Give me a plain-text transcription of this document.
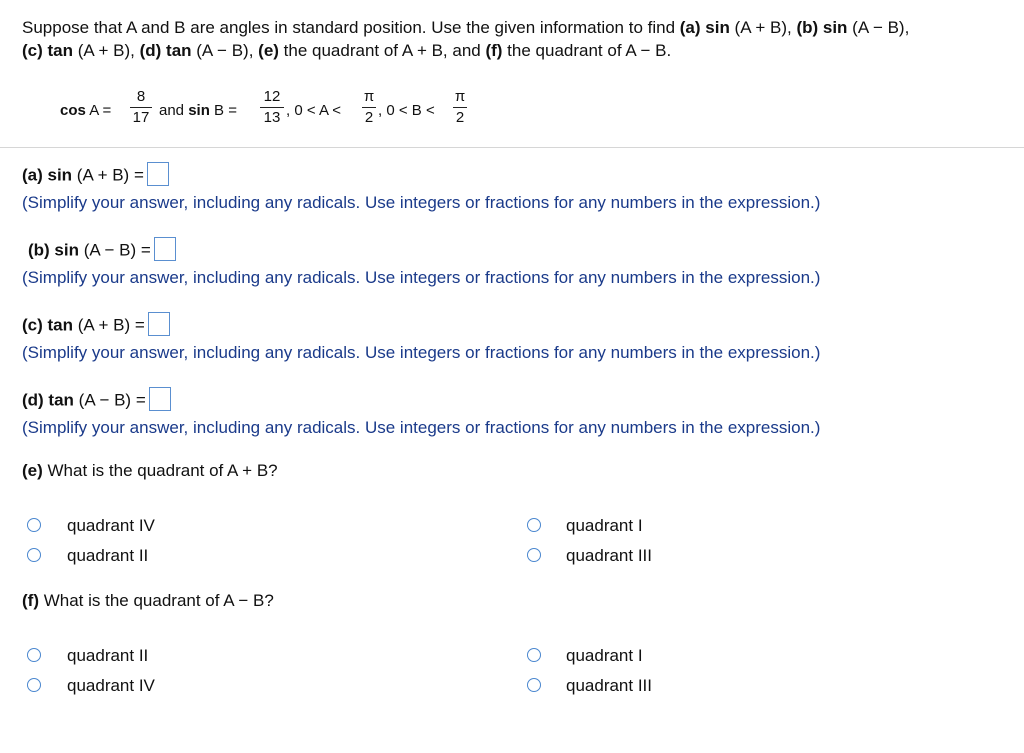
Suppose that A and B are angles in standard position. Use the given information to find (a) sin (A + B), (b) sin (A − B),
(c) tan (A + B), (d) tan (A − B), (e) the quadrant of A + B, and (f) the quadrant of A − B.
cos A =
8
17 and sin B =
12
13 , 0 < A <
π
2 , 0 < B <
π
2
(a) sin (A + B) =
(Simplify your answer, including any radicals. Use integers or fractions for any numbers in the expression.)
(b) sin (A − B) =
(Simplify your answer, including any radicals. Use integers or fractions for any numbers in the expression.)
(c) tan (A + B) =
(Simplify your answer, including any radicals. Use integers or fractions for any numbers in the expression.)
(d) tan (A − B) =
(Simplify your answer, including any radicals. Use integers or fractions for any numbers in the expression.)
(e) What is the quadrant of A + B?
quadrant IV	quadrant I
quadrant II	quadrant III
(f) What is the quadrant of A − B?
quadrant II	quadrant I
quadrant IV	quadrant III
